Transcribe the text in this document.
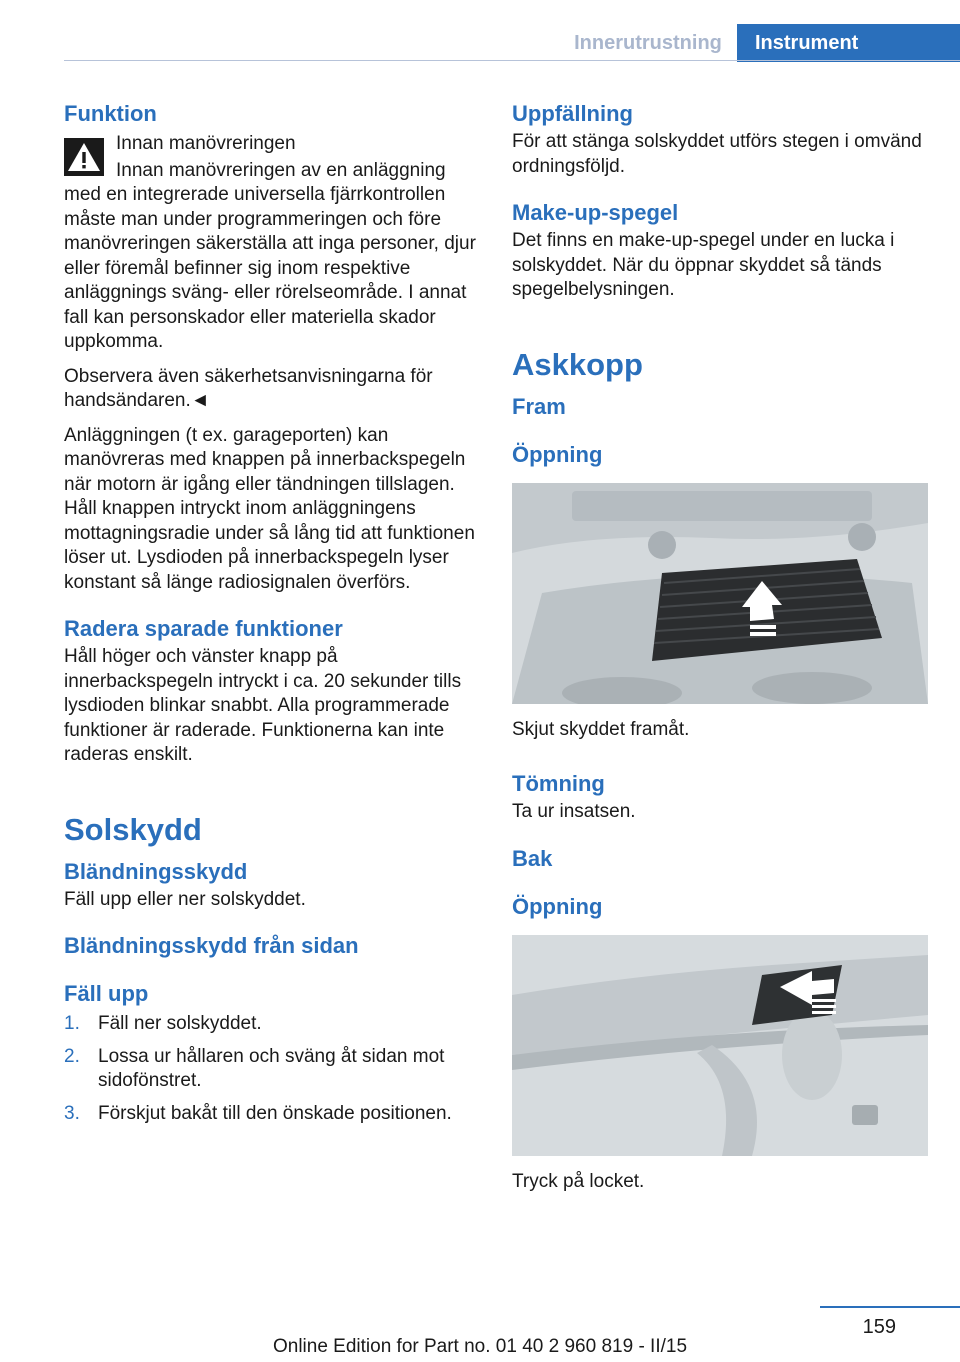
Innerutrustning	Instrument
Funktion
Innan manövreringen
Innan manövreringen av en anläggning med en integrerade universella fjärrkontrollen måste man under programmeringen och före manövreringen säkerställa att inga personer, djur eller föremål befinner sig inom respektive anläggnings sväng- eller rörelseområde. I annat fall kan personskador eller materiella skador uppkomma.
Observera även säkerhetsanvisningarna för handsändaren.◄
Anläggningen (t ex. garageporten) kan manövreras med knappen på innerbackspegeln när motorn är igång eller tändningen tillslagen. Håll knappen intryckt inom anläggningens mottagningsradie under så lång tid att funktionen löser ut. Lysdioden på innerbackspegeln lyser konstant så länge radiosignalen överförs.
Radera sparade funktioner
Håll höger och vänster knapp på innerbackspegeln intryckt i ca. 20 sekunder tills lysdioden blinkar snabbt. Alla programmerade funktioner är raderade. Funktionerna kan inte raderas enskilt.
Solskydd
Bländningsskydd
Fäll upp eller ner solskyddet.
Bländningsskydd från sidan
Fäll upp
1. Fäll ner solskyddet.
2. Lossa ur hållaren och sväng åt sidan mot sidofönstret.
3. Förskjut bakåt till den önskade positionen.
Uppfällning
För att stänga solskyddet utförs stegen i omvänd ordningsföljd.
Make-up-spegel
Det finns en make-up-spegel under en lucka i solskyddet. När du öppnar skyddet så tänds spegelbelysningen.
Askkopp
Fram
Öppning
Skjut skyddet framåt.
Tömning
Ta ur insatsen.
Bak
Öppning
Tryck på locket.
159
Online Edition for Part no. 01 40 2 960 819 - II/15
